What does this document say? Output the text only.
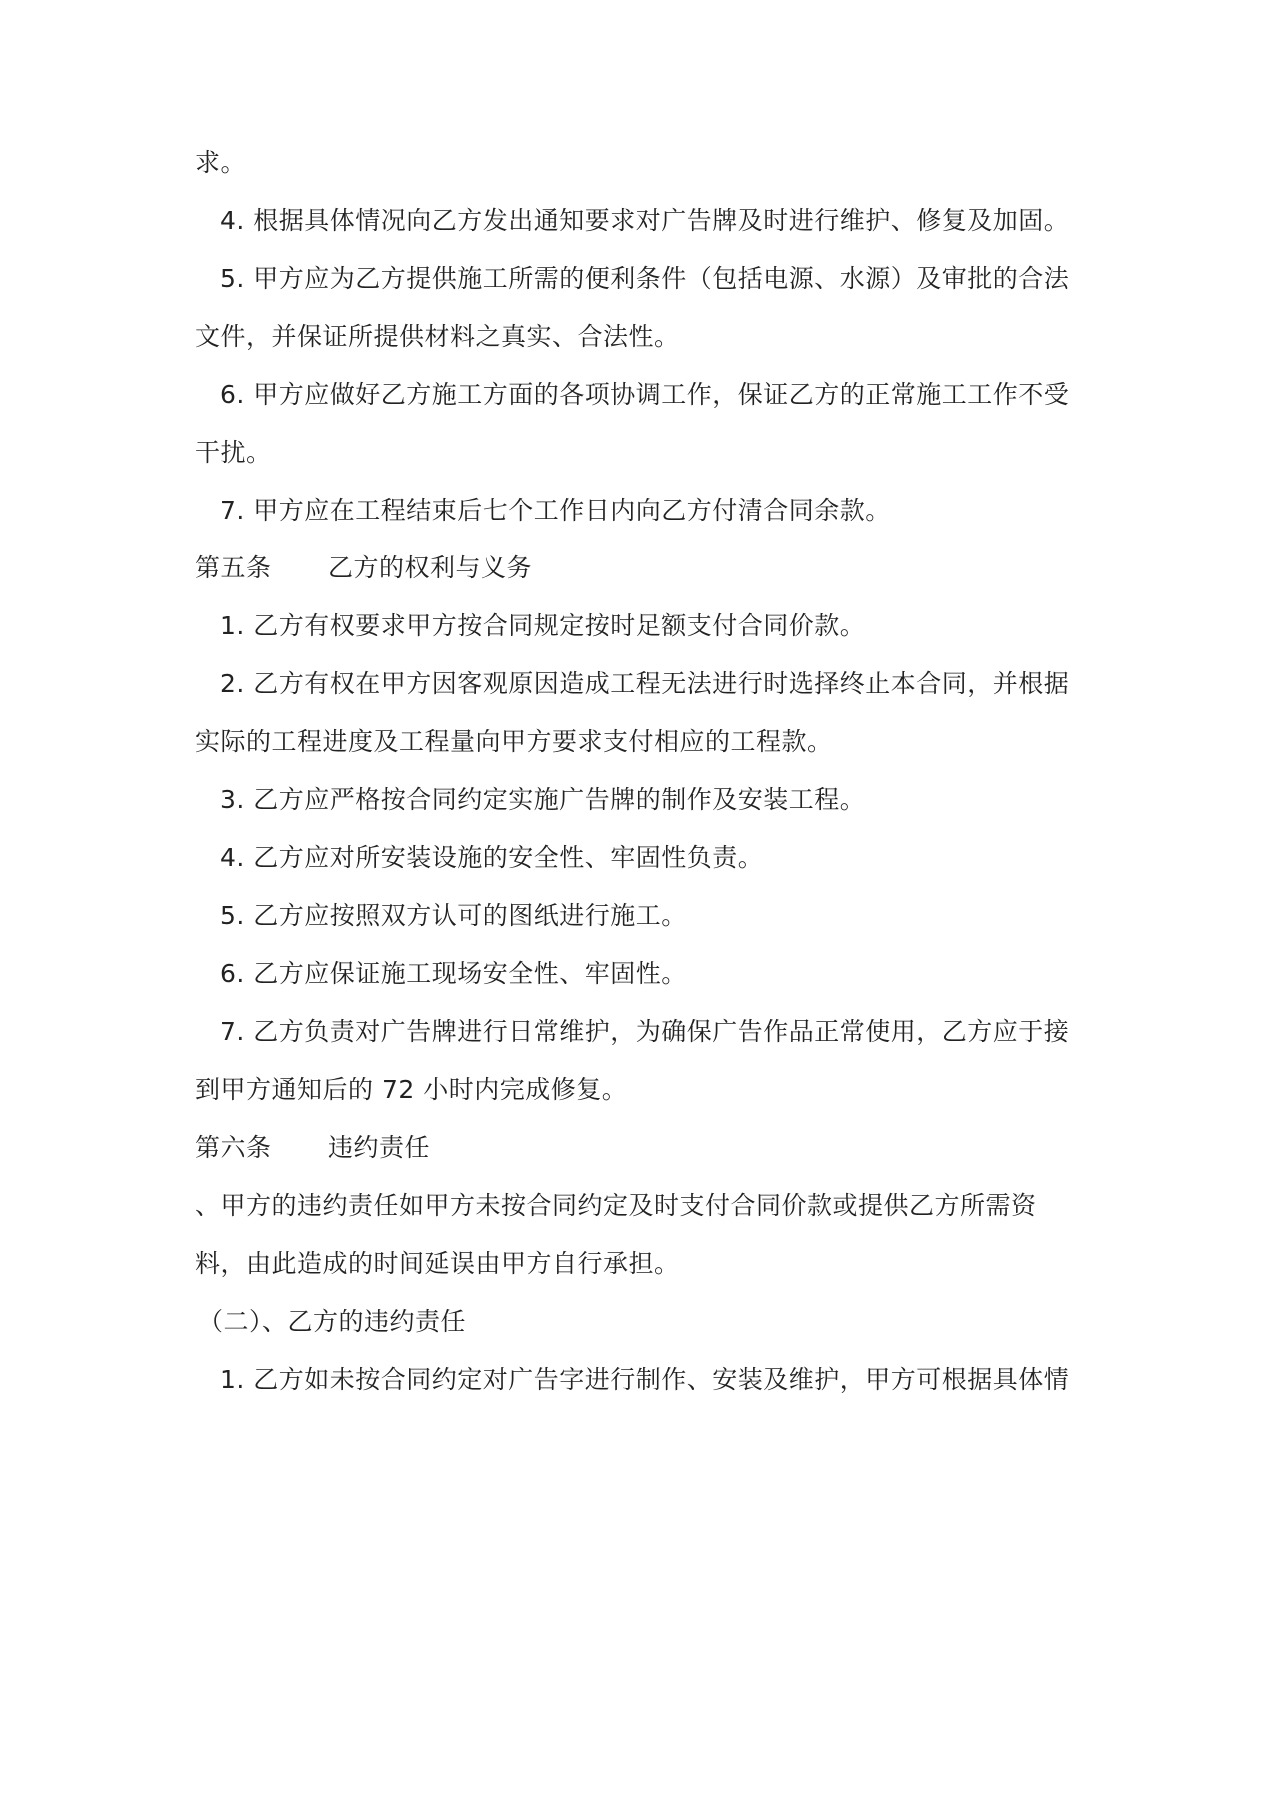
求。
4. 根据具体情况向乙方发出通知要求对广告牌及时进行维护、修复及加固。
5. 甲方应为乙方提供施工所需的便利条件（包括电源、水源）及审批的合法
文件，并保证所提供材料之真实、合法性。
6. 甲方应做好乙方施工方面的各项协调工作，保证乙方的正常施工工作不受
干扰。
7. 甲方应在工程结束后七个工作日内向乙方付清合同余款。
第五条 乙方的权利与义务
1. 乙方有权要求甲方按合同规定按时足额支付合同价款。
2. 乙方有权在甲方因客观原因造成工程无法进行时选择终止本合同，并根据
实际的工程进度及工程量向甲方要求支付相应的工程款。
3. 乙方应严格按合同约定实施广告牌的制作及安装工程。
4. 乙方应对所安装设施的安全性、牢固性负责。
5. 乙方应按照双方认可的图纸进行施工。
6. 乙方应保证施工现场安全性、牢固性。
7. 乙方负责对广告牌进行日常维护，为确保广告作品正常使用，乙方应于接
到甲方通知后的 72 小时内完成修复。
第六条 违约责任
、甲方的违约责任如甲方未按合同约定及时支付合同价款或提供乙方所需资
料，由此造成的时间延误由甲方自行承担。
（二）、乙方的违约责任
1. 乙方如未按合同约定对广告字进行制作、安装及维护，甲方可根据具体情
